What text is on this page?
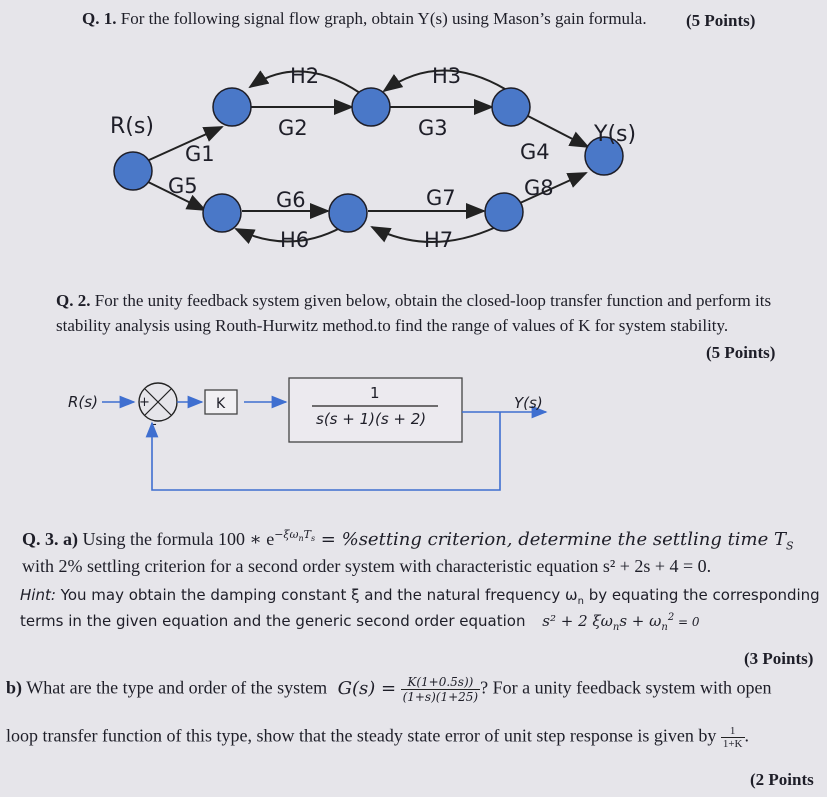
Q. 1. For the following signal flow graph, obtain Y(s) using Mason’s gain formula. (5 Points)
R(s)	Y(s)
G1
G2	G3
G4
G5
G6	G7	G8
H2	H3
H6	H7
Q. 2. For the unity feedback system given below, obtain the closed-loop transfer function and perform its
stability analysis using Routh-Hurwitz method.to find the range of values of K for system stability.
(5 Points)
R(s)	+
-
K
1
s(s + 1)(s + 2)
Y(s)
Q. 3. a) Using the formula 100 ∗ $e^{-\xi\omega_nT_s}$ = %setting criterion, determine the settling time $T_S$
with 2% settling criterion for a second order system with characteristic equation s² + 2s + 4 = 0.
Hint: You may obtain the damping constant ξ and the natural frequency $\omega_n$ by equating the corresponding
terms in the given equation and the generic second order equation s² + 2 $\xi\omega_ns + \omega_n^2 = 0$
(3 Points)
b) What are the type and order of the system $G(s) = \frac{K(1+0.5s))}{(1+s)(1+25)}$ ? For a unity feedback system with open
loop transfer function of this type, show that the steady state error of unit step response is given by $\frac{1}{1+K}$ .
(2 Points
